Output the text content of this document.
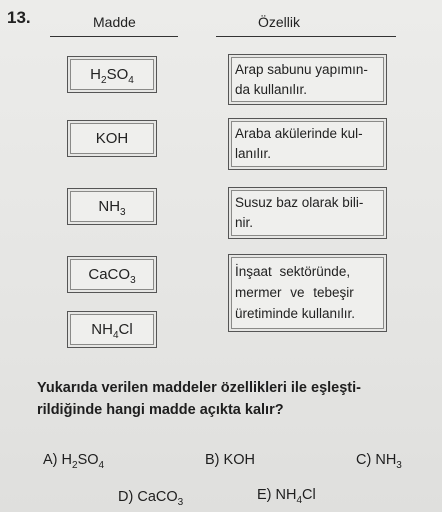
13.	Madde	Özellik
$H_2SO_4$
KOH
$NH_3$
CaCO$_3$
$NH_4Cl$
Arap sabunu yapımın-
da kullanılır.
Araba akülerinde kul-
lanılır.
Susuz baz olarak bili-
nir.
İnşaat sektöründe,
mermer ve tebeşir
üretiminde kullanılır.
Yukarıda verilen maddeler özellikleri ile eşleşti-
rildiğinde hangi madde açıkta kalır?
A) $H_2SO_4$	B) KOH	C) $NH_3$
D) CaCO$_3$	E) $NH_4Cl$
